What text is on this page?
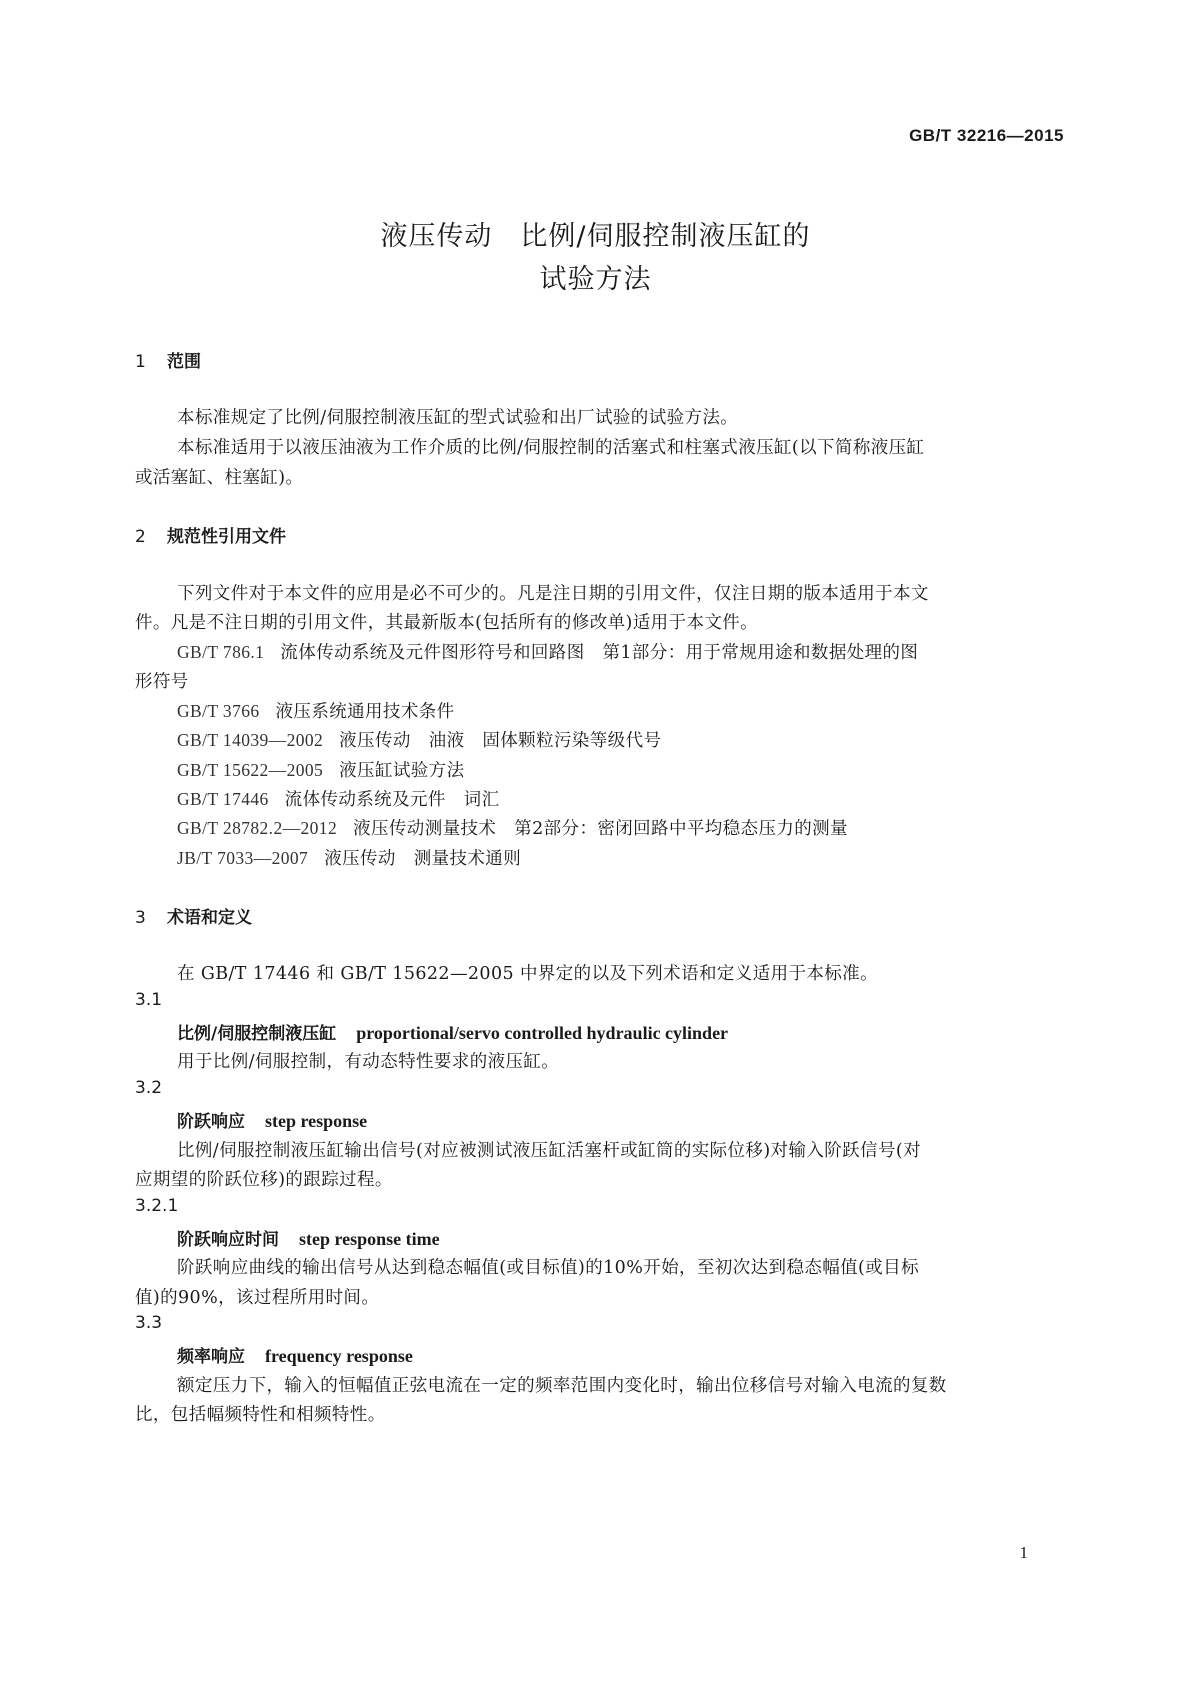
GB/T 32216—2015
液压传动　比例/伺服控制液压缸的
试验方法
1 范围
本标准规定了比例/伺服控制液压缸的型式试验和出厂试验的试验方法。
本标准适用于以液压油液为工作介质的比例/伺服控制的活塞式和柱塞式液压缸(以下简称液压缸
或活塞缸、柱塞缸)。
2 规范性引用文件
下列文件对于本文件的应用是必不可少的。凡是注日期的引用文件，仅注日期的版本适用于本文
件。凡是不注日期的引用文件，其最新版本(包括所有的修改单)适用于本文件。
GB/T 786.1 流体传动系统及元件图形符号和回路图　第1部分：用于常规用途和数据处理的图
形符号
GB/T 3766 液压系统通用技术条件
GB/T 14039—2002 液压传动　油液　固体颗粒污染等级代号
GB/T 15622—2005 液压缸试验方法
GB/T 17446 流体传动系统及元件　词汇
GB/T 28782.2—2012 液压传动测量技术　第2部分：密闭回路中平均稳态压力的测量
JB/T 7033—2007 液压传动　测量技术通则
3 术语和定义
在 GB/T 17446 和 GB/T 15622—2005 中界定的以及下列术语和定义适用于本标准。
3.1
比例/伺服控制液压缸 proportional/servo controlled hydraulic cylinder
用于比例/伺服控制，有动态特性要求的液压缸。
3.2
阶跃响应 step response
比例/伺服控制液压缸输出信号(对应被测试液压缸活塞杆或缸筒的实际位移)对输入阶跃信号(对
应期望的阶跃位移)的跟踪过程。
3.2.1
阶跃响应时间 step response time
阶跃响应曲线的输出信号从达到稳态幅值(或目标值)的10%开始，至初次达到稳态幅值(或目标
值)的90%，该过程所用时间。
3.3
频率响应 frequency response
额定压力下，输入的恒幅值正弦电流在一定的频率范围内变化时，输出位移信号对输入电流的复数
比，包括幅频特性和相频特性。
1
